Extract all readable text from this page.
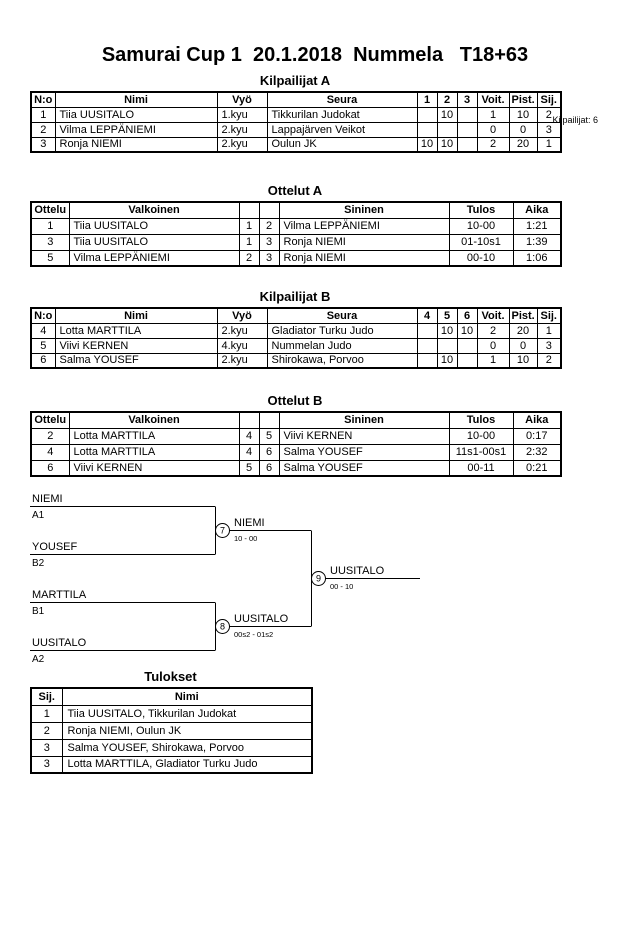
Samurai Cup 1  20.1.2018  Nummela   T18+63
Kilpailijat: 6
Kilpailijat A
N:o	Nimi	Vyö	Seura	1	2	3	Voit.	Pist.	Sij.
1	Tiia UUSITALO	1.kyu	Tikkurilan Judokat		10		1	10	2
2	Vilma LEPPÄNIEMI	2.kyu	Lappajärven Veikot				0	0	3
3	Ronja NIEMI	2.kyu	Oulun JK	10	10		2	20	1
Ottelut A
Ottelu	Valkoinen			Sininen	Tulos	Aika
1	Tiia UUSITALO	1	2	Vilma LEPPÄNIEMI	10-00	1:21
3	Tiia UUSITALO	1	3	Ronja NIEMI	01-10s1	1:39
5	Vilma LEPPÄNIEMI	2	3	Ronja NIEMI	00-10	1:06
Kilpailijat B
N:o	Nimi	Vyö	Seura	4	5	6	Voit.	Pist.	Sij.
4	Lotta MARTTILA	2.kyu	Gladiator Turku Judo		10	10	2	20	1
5	Viivi KERNEN	4.kyu	Nummelan Judo				0	0	3
6	Salma YOUSEF	2.kyu	Shirokawa, Porvoo		10		1	10	2
Ottelut B
Ottelu	Valkoinen			Sininen	Tulos	Aika
2	Lotta MARTTILA	4	5	Viivi KERNEN	10-00	0:17
4	Lotta MARTTILA	4	6	Salma YOUSEF	11s1-00s1	2:32
6	Viivi KERNEN	5	6	Salma YOUSEF	00-11	0:21
NIEMI
A1
YOUSEF
B2
MARTTILA
B1
UUSITALO
A2
7
NIEMI
10 - 00
8
UUSITALO
00s2 - 01s2
9
UUSITALO
00 - 10
Tulokset
Sij.	Nimi
1	Tiia UUSITALO, Tikkurilan Judokat
2	Ronja NIEMI, Oulun JK
3	Salma YOUSEF, Shirokawa, Porvoo
3	Lotta MARTTILA, Gladiator Turku Judo
